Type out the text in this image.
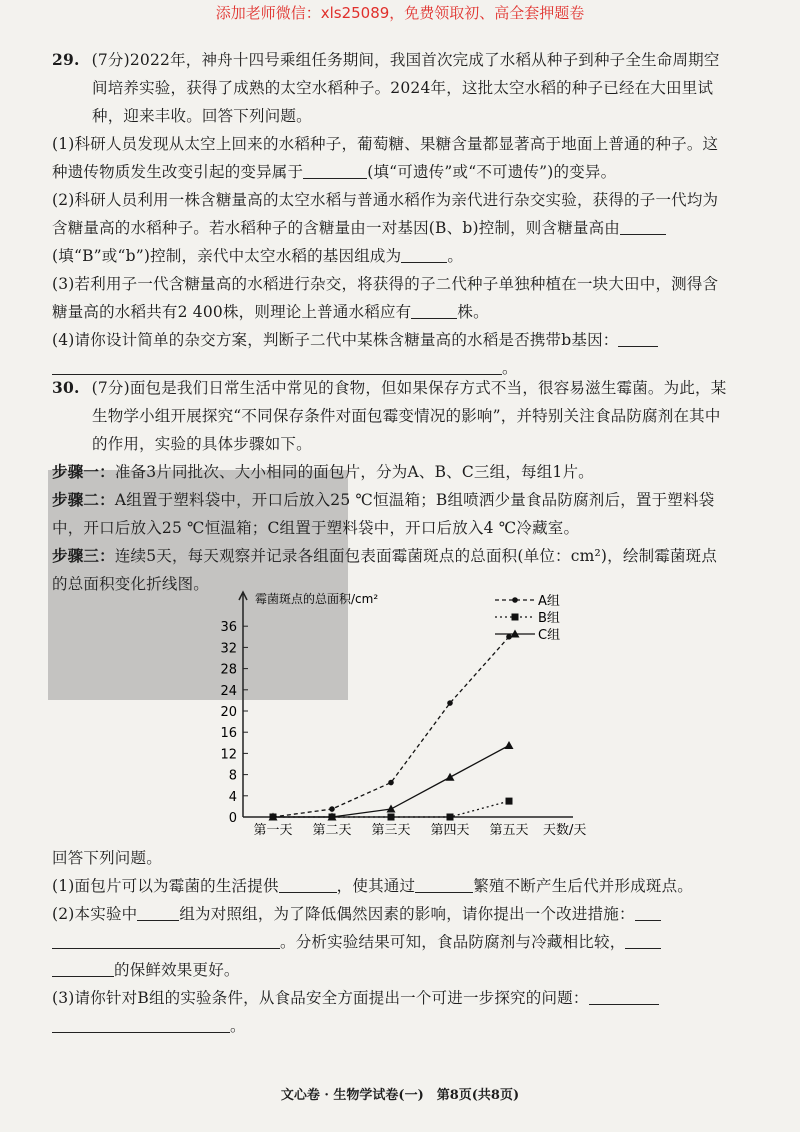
添加老师微信：xls25089，免费领取初、高全套押题卷

29. (7分)2022年，神舟十四号乘组任务期间，我国首次完成了水稻从种子到种子全生命周期空间培养实验，获得了成熟的太空水稻种子。2024年，这批太空水稻的种子已经在大田里试种，迎来丰收。回答下列问题。

(1)科研人员发现从太空上回来的水稻种子，葡萄糖、果糖含量都显著高于地面上普通的种子。这种遗传物质发生改变引起的变异属于	(填“可遗传”或“不可遗传”)的变异。

(2)科研人员利用一株含糖量高的太空水稻与普通水稻作为亲代进行杂交实验，获得的子一代均为含糖量高的水稻种子。若水稻种子的含糖量由一对基因(B、b)控制，则含糖量高由(填“B”或“b”)控制，亲代中太空水稻的基因组成为	。

(3)若利用子一代含糖量高的水稻进行杂交，将获得的子二代种子单独种植在一块大田中，测得含糖量高的水稻共有2 400株，则理论上普通水稻应有	株。

(4)请你设计简单的杂交方案，判断子二代中某株含糖量高的水稻是否携带b基因：
。

30. (7分)面包是我们日常生活中常见的食物，但如果保存方式不当，很容易滋生霉菌。为此，某生物学小组开展探究“不同保存条件对面包霉变情况的影响”，并特别关注食品防腐剂在其中的作用，实验的具体步骤如下。

步骤一：准备3片同批次、大小相同的面包片，分为A、B、C三组，每组1片。

步骤二：A组置于塑料袋中，开口后放入25 ℃恒温箱；B组喷洒少量食品防腐剂后，置于塑料袋中，开口后放入25 ℃恒温箱；C组置于塑料袋中，开口后放入4 ℃冷藏室。

步骤三：连续5天，每天观察并记录各组面包表面霉菌斑点的总面积(单位：cm²)，绘制霉菌斑点的总面积变化折线图。

霉菌斑点的总面积/cm²
0
4
8
12
16
20
24
28
32
36
第一天 第二天 第三天 第四天 第五天 天数/天
A组
B组
C组

回答下列问题。

(1)面包片可以为霉菌的生活提供	，使其通过	繁殖不断产生后代并形成斑点。

(2)本实验中	组为对照组，为了降低偶然因素的影响，请你提出一个改进措施：
。分析实验结果可知，食品防腐剂与冷藏相比较，
的保鲜效果更好。

(3)请你针对B组的实验条件，从食品安全方面提出一个可进一步探究的问题：
。

文心卷 · 生物学试卷(一)　第8页(共8页)
